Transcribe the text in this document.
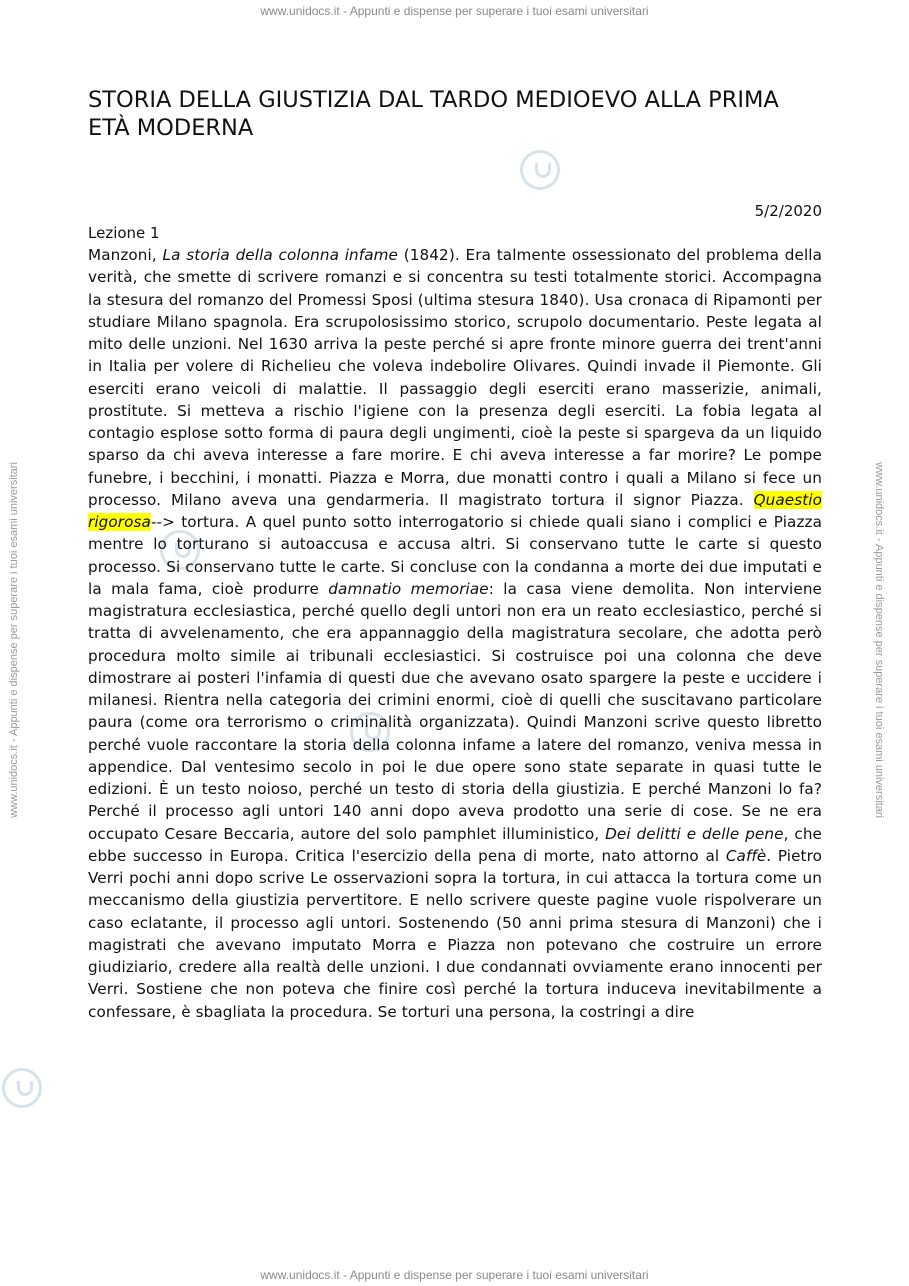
www.unidocs.it - Appunti e dispense per superare i tuoi esami universitari
www.unidocs.it - Appunti e dispense per superare i tuoi esami universitari	www.unidocs.it - Appunti e dispense per superare i tuoi esami universitari
STORIA DELLA GIUSTIZIA DAL TARDO MEDIOEVO ALLA PRIMA ETÀ MODERNA

5/2/2020

Lezione 1

Manzoni, La storia della colonna infame (1842). Era talmente ossessionato del problema della verità, che smette di scrivere romanzi e si concentra su testi totalmente storici. Accompagna la stesura del romanzo del Promessi Sposi (ultima stesura 1840). Usa cronaca di Ripamonti per studiare Milano spagnola. Era scrupolosissimo storico, scrupolo documentario. Peste legata al mito delle unzioni. Nel 1630 arriva la peste perché si apre fronte minore guerra dei trent'anni in Italia per volere di Richelieu che voleva indebolire Olivares. Quindi invade il Piemonte. Gli eserciti erano veicoli di malattie. Il passaggio degli eserciti erano masserizie, animali, prostitute. Si metteva a rischio l'igiene con la presenza degli eserciti. La fobia legata al contagio esplose sotto forma di paura degli ungimenti, cioè la peste si spargeva da un liquido sparso da chi aveva interesse a fare morire. E chi aveva interesse a far morire? Le pompe funebre, i becchini, i monatti. Piazza e Morra, due monatti contro i quali a Milano si fece un processo. Milano aveva una gendarmeria. Il magistrato tortura il signor Piazza. Quaestio rigorosa--> tortura. A quel punto sotto interrogatorio si chiede quali siano i complici e Piazza mentre lo torturano si autoaccusa e accusa altri. Si conservano tutte le carte si questo processo. Si conservano tutte le carte. Si concluse con la condanna a morte dei due imputati e la mala fama, cioè produrre damnatio memoriae: la casa viene demolita. Non interviene magistratura ecclesiastica, perché quello degli untori non era un reato ecclesiastico, perché si tratta di avvelenamento, che era appannaggio della magistratura secolare, che adotta però procedura molto simile ai tribunali ecclesiastici. Si costruisce poi una colonna che deve dimostrare ai posteri l'infamia di questi due che avevano osato spargere la peste e uccidere i milanesi. Rientra nella categoria dei crimini enormi, cioè di quelli che suscitavano particolare paura (come ora terrorismo o criminalità organizzata). Quindi Manzoni scrive questo libretto perché vuole raccontare la storia della colonna infame a latere del romanzo, veniva messa in appendice. Dal ventesimo secolo in poi le due opere sono state separate in quasi tutte le edizioni. È un testo noioso, perché un testo di storia della giustizia. E perché Manzoni lo fa? Perché il processo agli untori 140 anni dopo aveva prodotto una serie di cose. Se ne era occupato Cesare Beccaria, autore del solo pamphlet illuministico, Dei delitti e delle pene, che ebbe successo in Europa. Critica l'esercizio della pena di morte, nato attorno al Caffè. Pietro Verri pochi anni dopo scrive Le osservazioni sopra la tortura, in cui attacca la tortura come un meccanismo della giustizia pervertitore. E nello scrivere queste pagine vuole rispolverare un caso eclatante, il processo agli untori. Sostenendo (50 anni prima stesura di Manzoni) che i magistrati che avevano imputato Morra e Piazza non potevano che costruire un errore giudiziario, credere alla realtà delle unzioni. I due condannati ovviamente erano innocenti per Verri. Sostiene che non poteva che finire così perché la tortura induceva inevitabilmente a confessare, è sbagliata la procedura. Se torturi una persona, la costringi a dire

www.unidocs.it - Appunti e dispense per superare i tuoi esami universitari
